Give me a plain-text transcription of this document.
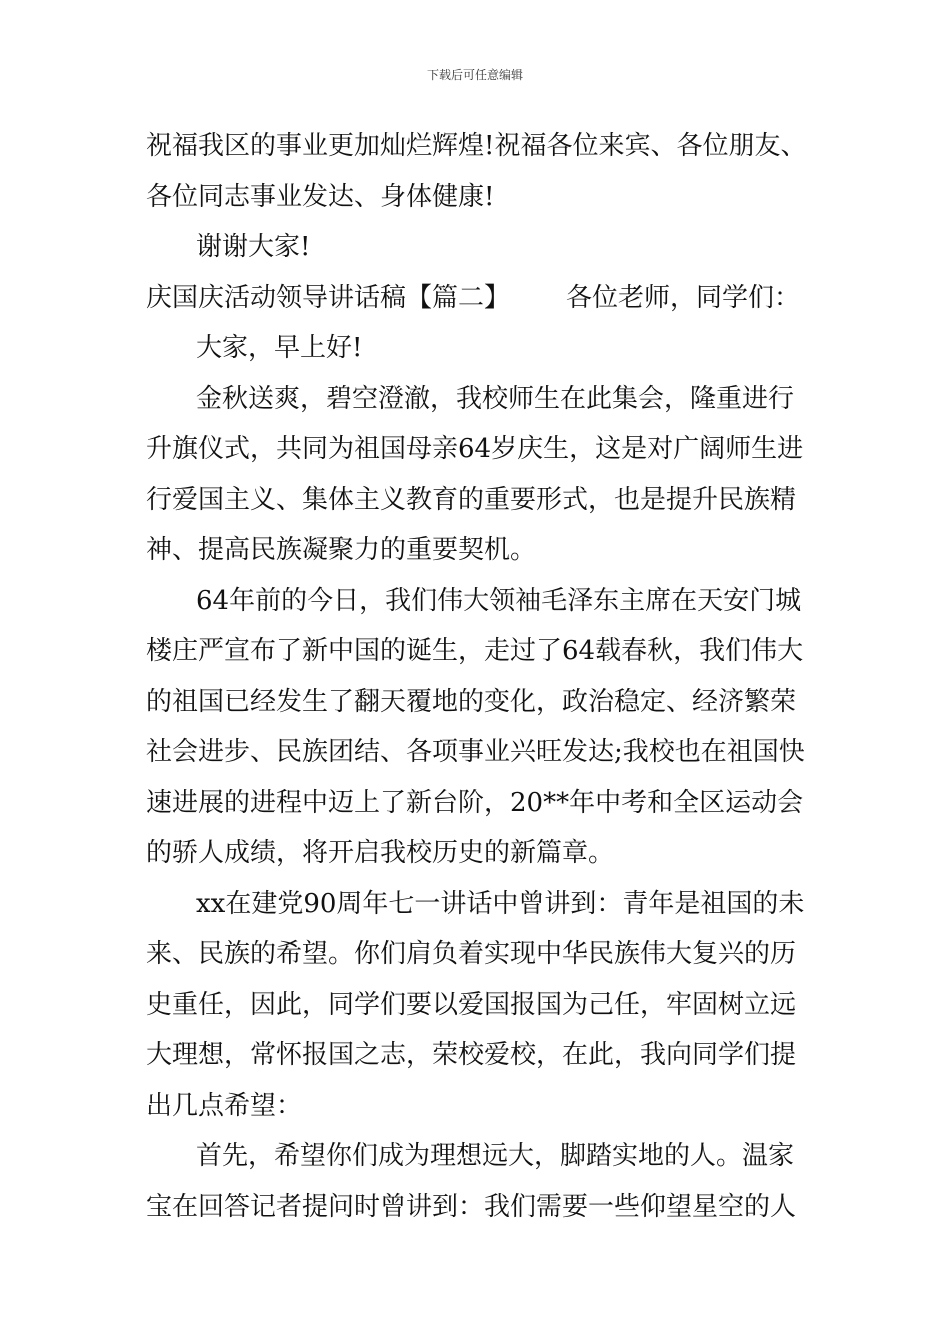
下载后可任意编辑
祝福我区的事业更加灿烂辉煌!祝福各位来宾、各位朋友、
各位同志事业发达、身体健康!
谢谢大家!
庆国庆活动领导讲话稿【篇二】 各位老师，同学们：
大家，早上好!
金秋送爽，碧空澄澈，我校师生在此集会，隆重进行
升旗仪式，共同为祖国母亲64岁庆生，这是对广阔师生进
行爱国主义、集体主义教育的重要形式，也是提升民族精
神、提高民族凝聚力的重要契机。
64年前的今日，我们伟大领袖毛泽东主席在天安门城
楼庄严宣布了新中国的诞生，走过了64载春秋，我们伟大
的祖国已经发生了翻天覆地的变化，政治稳定、经济繁荣
社会进步、民族团结、各项事业兴旺发达;我校也在祖国快
速进展的进程中迈上了新台阶，20**年中考和全区运动会
的骄人成绩，将开启我校历史的新篇章。
xx在建党90周年七一讲话中曾讲到：青年是祖国的未
来、民族的希望。你们肩负着实现中华民族伟大复兴的历
史重任，因此，同学们要以爱国报国为己任，牢固树立远
大理想，常怀报国之志，荣校爱校，在此，我向同学们提
出几点希望：
首先，希望你们成为理想远大，脚踏实地的人。温家
宝在回答记者提问时曾讲到：我们需要一些仰望星空的人
